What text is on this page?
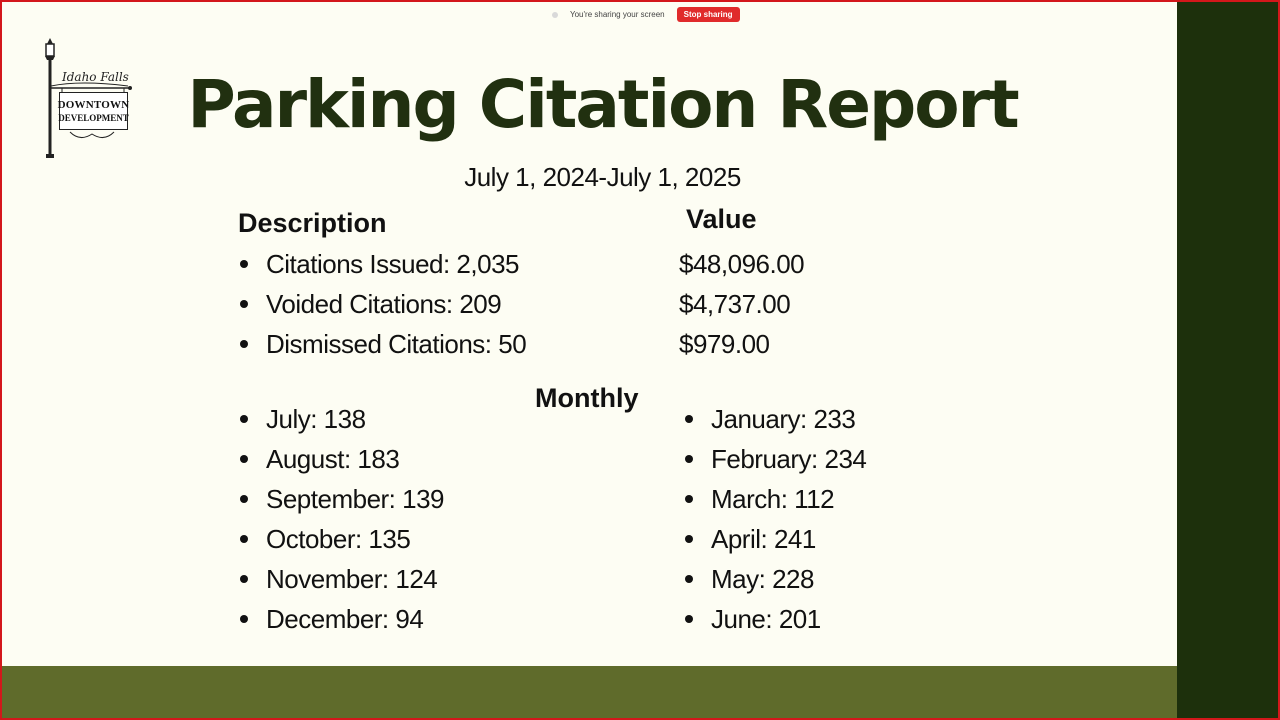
You're sharing your screen	Stop sharing
Idaho Falls
DOWNTOWN
DEVELOPMENT Parking Citation Report
July 1, 2024-July 1, 2025
Description	Value
Citations Issued: 2,035
Voided Citations: 209
Dismissed Citations: 50
$48,096.00
$4,737.00
$979.00
Monthly
July: 138
August: 183
September: 139
October: 135
November: 124
December: 94
January: 233
February: 234
March: 112
April: 241
May: 228
June: 201
